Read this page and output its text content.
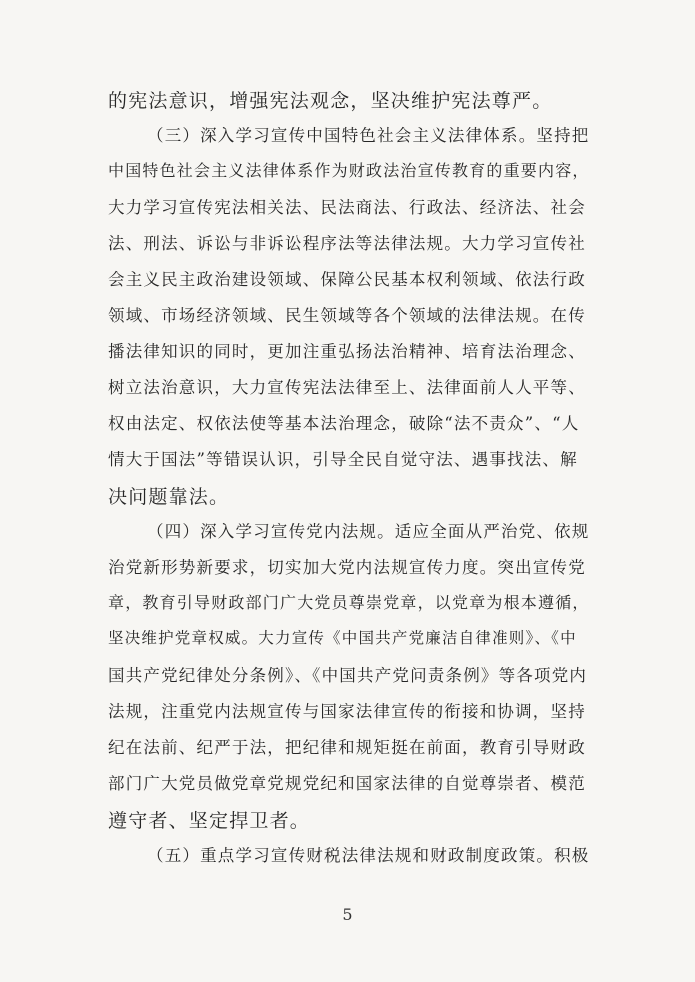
的宪法意识，增强宪法观念，坚决维护宪法尊严。
（三）深入学习宣传中国特色社会主义法律体系。坚持把
中国特色社会主义法律体系作为财政法治宣传教育的重要内容，
大力学习宣传宪法相关法、民法商法、行政法、经济法、社会
法、刑法、诉讼与非诉讼程序法等法律法规。大力学习宣传社
会主义民主政治建设领域、保障公民基本权利领域、依法行政
领域、市场经济领域、民生领域等各个领域的法律法规。在传
播法律知识的同时，更加注重弘扬法治精神、培育法治理念、
树立法治意识，大力宣传宪法法律至上、法律面前人人平等、
权由法定、权依法使等基本法治理念，破除“法不责众”、“人
情大于国法”等错误认识，引导全民自觉守法、遇事找法、解
决问题靠法。
（四）深入学习宣传党内法规。适应全面从严治党、依规
治党新形势新要求，切实加大党内法规宣传力度。突出宣传党
章，教育引导财政部门广大党员尊崇党章，以党章为根本遵循，
坚决维护党章权威。大力宣传《中国共产党廉洁自律准则》、《中
国共产党纪律处分条例》、《中国共产党问责条例》等各项党内
法规，注重党内法规宣传与国家法律宣传的衔接和协调，坚持
纪在法前、纪严于法，把纪律和规矩挺在前面，教育引导财政
部门广大党员做党章党规党纪和国家法律的自觉尊崇者、模范
遵守者、坚定捍卫者。
（五）重点学习宣传财税法律法规和财政制度政策。积极
5
